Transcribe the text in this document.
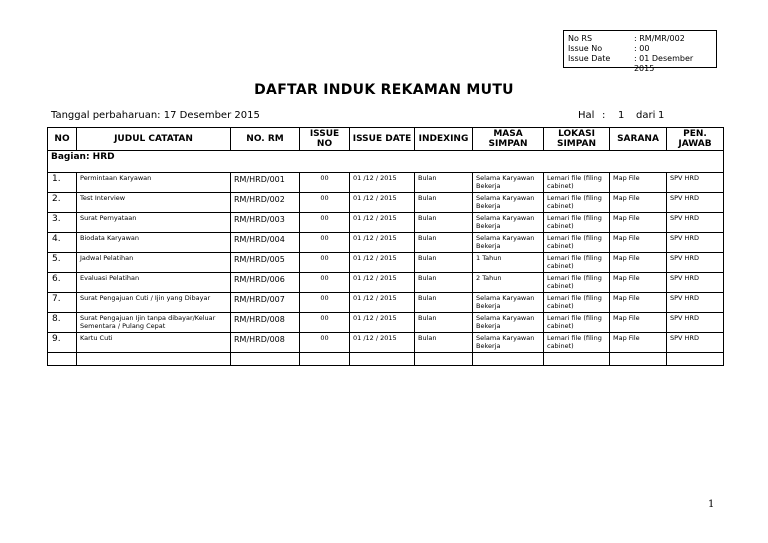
No RS	: RM/MR/002
Issue No	: 00
Issue Date	: 01 Desember 2015
DAFTAR INDUK REKAMAN MUTU
Tanggal perbaharuan: 17 Desember 2015	Hal :	1	dari 1
NO	JUDUL CATATAN	NO. RM	ISSUE NO	ISSUE DATE	INDEXING	MASA SIMPAN	LOKASI SIMPAN	SARANA	PEN. JAWAB
Bagian: HRD									
1.	Permintaan Karyawan	RM/HRD/001	00	01 /12 / 2015	Bulan	Selama Karyawan Bekerja	Lemari file (filing cabinet)	Map File	SPV HRD
2.	Test Interview	RM/HRD/002	00	01 /12 / 2015	Bulan	Selama Karyawan Bekerja	Lemari file (filing cabinet)	Map File	SPV HRD
3.	Surat Pernyataan	RM/HRD/003	00	01 /12 / 2015	Bulan	Selama Karyawan Bekerja	Lemari file (filing cabinet)	Map File	SPV HRD
4.	Biodata Karyawan	RM/HRD/004	00	01 /12 / 2015	Bulan	Selama Karyawan Bekerja	Lemari file (filing cabinet)	Map File	SPV HRD
5.	Jadwal Pelatihan	RM/HRD/005	00	01 /12 / 2015	Bulan	1 Tahun	Lemari file (filing cabinet)	Map File	SPV HRD
6.	Evaluasi Pelatihan	RM/HRD/006	00	01 /12 / 2015	Bulan	2 Tahun	Lemari file (filing cabinet)	Map File	SPV HRD
7.	Surat Pengajuan Cuti / Ijin yang Dibayar	RM/HRD/007	00	01 /12 / 2015	Bulan	Selama Karyawan Bekerja	Lemari file (filing cabinet)	Map File	SPV HRD
8.	Surat Pengajuan Ijin tanpa dibayar/Keluar Sementara / Pulang Cepat	RM/HRD/008	00	01 /12 / 2015	Bulan	Selama Karyawan Bekerja	Lemari file (filing cabinet)	Map File	SPV HRD
9.	Kartu Cuti	RM/HRD/008	00	01 /12 / 2015	Bulan	Selama Karyawan Bekerja	Lemari file (filing cabinet)	Map File	SPV HRD

1
